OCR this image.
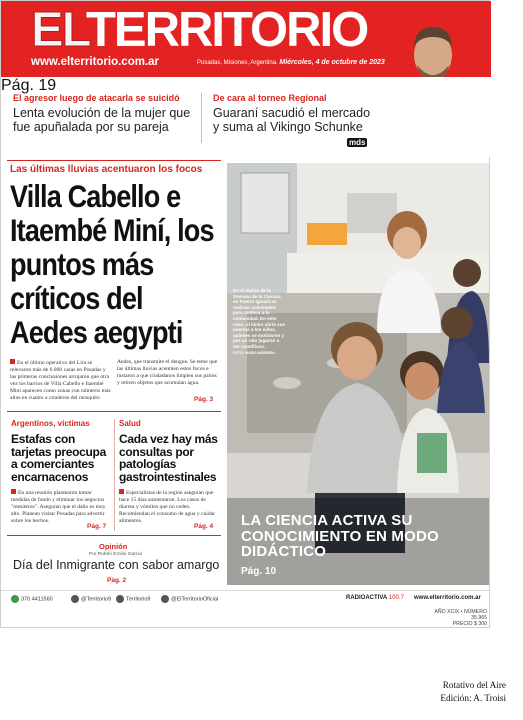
ELTERRITORIO
www.elterritorio.com.ar	Posadas, Misiones, Argentina. Miércoles, 4 de octubre de 2023
El agresor luego de atacarla se suicidó
Lenta evolución de la mujer que fue apuñalada por su pareja
Pág. 19
De cara al torneo Regional
Guaraní sacudió el mercado y suma al Vikingo Schunke
mds
Las últimas lluvias acentuaron los focos
Villa Cabello e Itaembé Miní, los puntos más críticos del Aedes aegypti
En el último operativo del Lira se relevaron más de 6.000 casas en Posadas y las primeras conclusiones arrojaron que otra vez los barrios de Villa Cabello e Itaembé Miní aparecen como zonas con números más altos en cuanto a criaderos del mosquito
Aedes, que transmite el dengue. Se teme que las últimas lluvias acentúen estos focos e instaron a que ciudadanos limpien sus patios y retiren objetos que acumulan agua.
Pág. 3
Argentinos, víctimas
Estafas con tarjetas preocupa a comerciantes encarnacenos
En una reunión plantearon tomar medidas de fondo y eliminar los negocios "mesiteros". Aseguran que el daño es muy alto. Planean visitar Posadas para advertir sobre los hechos.
Pág. 7
Salud
Cada vez hay más consultas por patologías gastrointestinales
Especialistas de la región aseguran que hace 15 días aumentaron. Los casos de diarrea y vómitos que no ceden. Recomiendan el consumo de agua y cuidar alimentos.
Pág. 4
Opinión
Por Rubén Emilio García
Día del Inmigrante con sabor amargo
Pág. 2
En el marco de la Semana de la Ciencia, en Puerto Iguazú se realizan actividades para motivar a la comunidad. En este caso, el limbo abrió sus puertas a los niños, quienes se motivaron y por un rato jugaron a ser científicos.
FOTO: MARIA MOREIRA
LA CIENCIA ACTIVA SU CONOCIMIENTO EN MODO DIDÁCTICO
Pág. 10
370 4411560	@Territorio9	Territorio9	@ElTerritorioOficial	RADIOACTIVA 100.7 www.elterritorio.com.ar
AÑO XCIX • NÚMERO 35.965
PRECIO $ 300
Rotativo del Aire
Edición: A. Troisi
